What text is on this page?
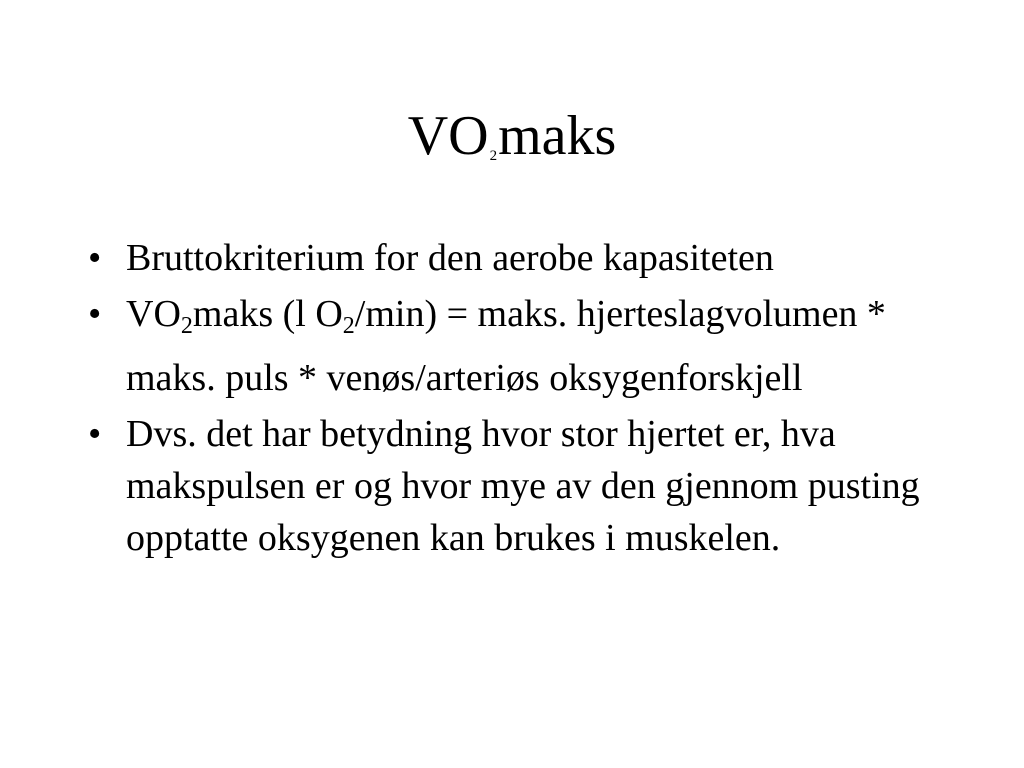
$VO_2maks$
• Bruttokriterium for den aerobe kapasiteten
• $VO_2maks$ (l $O_2/\min$) = maks. hjerteslagvolumen * maks. puls * venøs/arteriøs oksygenforskjell
• Dvs. det har betydning hvor stor hjertet er, hva makspulsen er og hvor mye av den gjennom pusting opptatte oksygenen kan brukes i muskelen.
